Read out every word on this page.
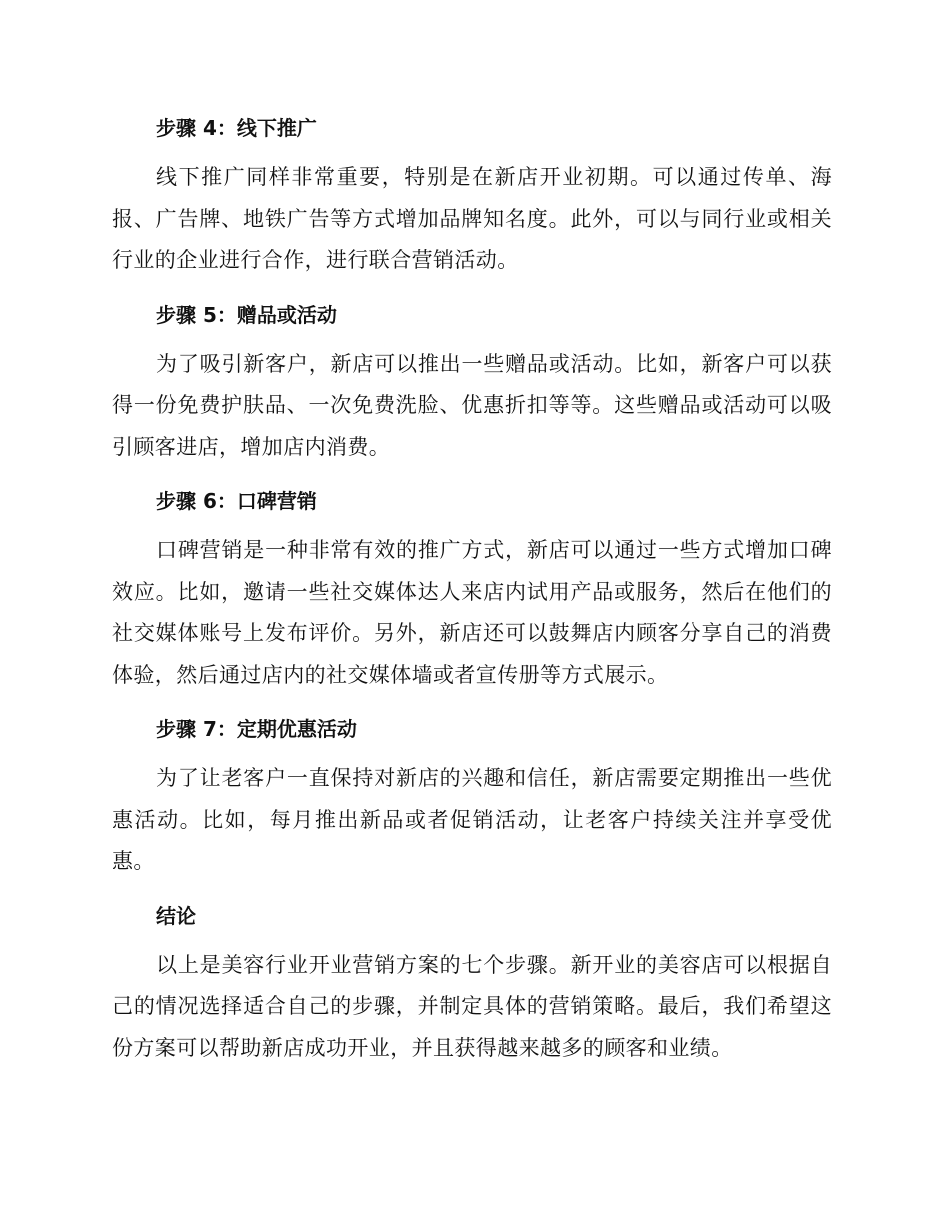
步骤 4：线下推广

线下推广同样非常重要，特别是在新店开业初期。可以通过传单、海报、广告牌、地铁广告等方式增加品牌知名度。此外，可以与同行业或相关行业的企业进行合作，进行联合营销活动。

步骤 5：赠品或活动

为了吸引新客户，新店可以推出一些赠品或活动。比如，新客户可以获得一份免费护肤品、一次免费洗脸、优惠折扣等等。这些赠品或活动可以吸引顾客进店，增加店内消费。

步骤 6：口碑营销

口碑营销是一种非常有效的推广方式，新店可以通过一些方式增加口碑效应。比如，邀请一些社交媒体达人来店内试用产品或服务，然后在他们的社交媒体账号上发布评价。另外，新店还可以鼓舞店内顾客分享自己的消费体验，然后通过店内的社交媒体墙或者宣传册等方式展示。

步骤 7：定期优惠活动

为了让老客户一直保持对新店的兴趣和信任，新店需要定期推出一些优惠活动。比如，每月推出新品或者促销活动，让老客户持续关注并享受优惠。

结论

以上是美容行业开业营销方案的七个步骤。新开业的美容店可以根据自己的情况选择适合自己的步骤，并制定具体的营销策略。最后，我们希望这份方案可以帮助新店成功开业，并且获得越来越多的顾客和业绩。
